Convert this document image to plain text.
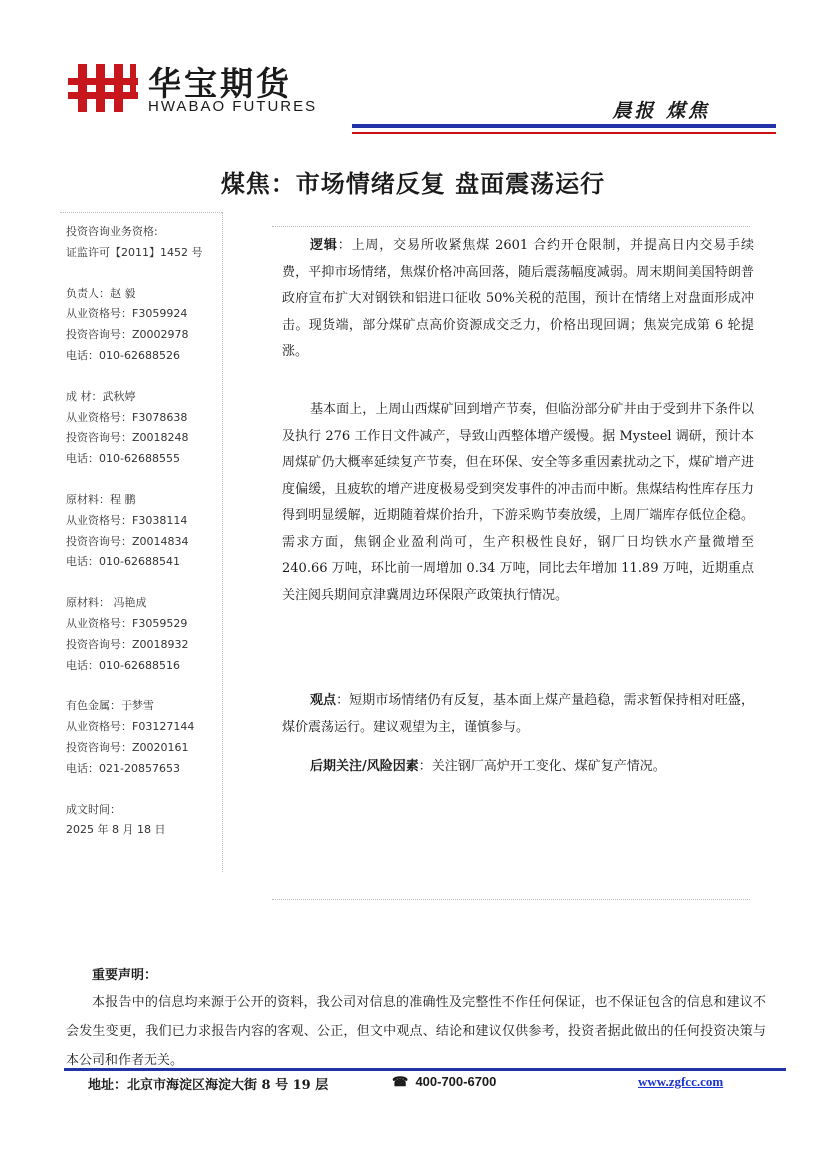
华宝期货
HWABAO FUTURES	晨报 煤焦
煤焦：市场情绪反复 盘面震荡运行
投资咨询业务资格:
证监许可【2011】1452 号
负责人：赵 毅
从业资格号：F3059924
投资咨询号：Z0002978
电话：010-62688526
成 材：武秋婷
从业资格号：F3078638
投资咨询号：Z0018248
电话：010-62688555
原材料：程 鹏
从业资格号：F3038114
投资咨询号：Z0014834
电话：010-62688541
原材料： 冯艳成
从业资格号：F3059529
投资咨询号：Z0018932
电话：010-62688516
有色金属：于梦雪
从业资格号：F03127144
投资咨询号：Z0020161
电话：021-20857653
成文时间：
2025 年 8 月 18 日
逻辑：上周，交易所收紧焦煤 2601 合约开仓限制，并提高日内交易手续费，平抑市场情绪，焦煤价格冲高回落，随后震荡幅度减弱。周末期间美国特朗普政府宣布扩大对钢铁和铝进口征收 50%关税的范围，预计在情绪上对盘面形成冲击。现货端，部分煤矿点高价资源成交乏力，价格出现回调；焦炭完成第 6 轮提涨。
基本面上，上周山西煤矿回到增产节奏，但临汾部分矿井由于受到井下条件以及执行 276 工作日文件减产，导致山西整体增产缓慢。据 Mysteel 调研，预计本周煤矿仍大概率延续复产节奏，但在环保、安全等多重因素扰动之下，煤矿增产进度偏缓，且疲软的增产进度极易受到突发事件的冲击而中断。焦煤结构性库存压力得到明显缓解，近期随着煤价抬升，下游采购节奏放缓，上周厂端库存低位企稳。需求方面，焦钢企业盈利尚可，生产积极性良好，钢厂日均铁水产量微增至 240.66 万吨，环比前一周增加 0.34 万吨，同比去年增加 11.89 万吨，近期重点关注阅兵期间京津冀周边环保限产政策执行情况。
观点：短期市场情绪仍有反复，基本面上煤产量趋稳，需求暂保持相对旺盛，煤价震荡运行。建议观望为主，谨慎参与。
后期关注/风险因素：关注钢厂高炉开工变化、煤矿复产情况。
重要声明：
本报告中的信息均来源于公开的资料，我公司对信息的准确性及完整性不作任何保证，也不保证包含的信息和建议不会发生变更，我们已力求报告内容的客观、公正，但文中观点、结论和建议仅供参考，投资者据此做出的任何投资决策与本公司和作者无关。
地址：北京市海淀区海淀大街 8 号 19 层	☎ 400-700-6700	www.zgfcc.com
